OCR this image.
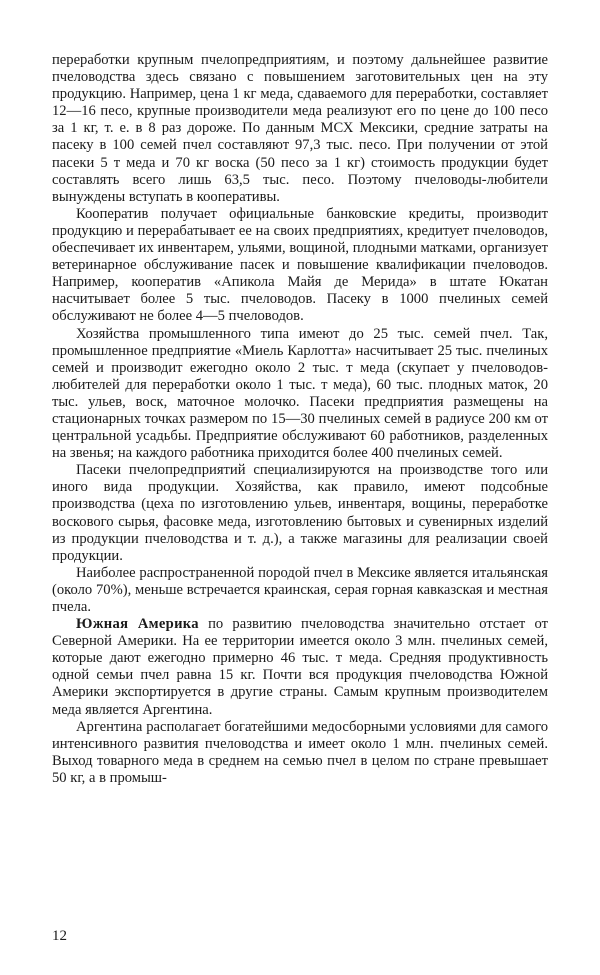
переработки крупным пчелопредприятиям, и поэтому дальнейшее развитие пчеловодства здесь связано с повышением заготовительных цен на эту продукцию. Например, цена 1 кг меда, сдаваемого для переработки, составляет 12—16 песо, крупные производители меда реализуют его по цене до 100 песо за 1 кг, т. е. в 8 раз дороже. По данным МСХ Мексики, средние затраты на пасеку в 100 семей пчел составляют 97,3 тыс. песо. При получении от этой пасеки 5 т меда и 70 кг воска (50 песо за 1 кг) стоимость продукции будет составлять всего лишь 63,5 тыс. песо. Поэтому пчеловоды-любители вынуждены вступать в кооперативы.

Кооператив получает официальные банковские кредиты, производит продукцию и перерабатывает ее на своих предприятиях, кредитует пчеловодов, обеспечивает их инвентарем, ульями, вощиной, плодными матками, организует ветеринарное обслуживание пасек и повышение квалификации пчеловодов. Например, кооператив «Апикола Майя де Мерида» в штате Юкатан насчитывает более 5 тыс. пчеловодов. Пасеку в 1000 пчелиных семей обслуживают не более 4—5 пчеловодов.

Хозяйства промышленного типа имеют до 25 тыс. семей пчел. Так, промышленное предприятие «Миель Карлотта» насчитывает 25 тыс. пчелиных семей и производит ежегодно около 2 тыс. т меда (скупает у пчеловодов-любителей для переработки около 1 тыс. т меда), 60 тыс. плодных маток, 20 тыс. ульев, воск, маточное молочко. Пасеки предприятия размещены на стационарных точках размером по 15—30 пчелиных семей в радиусе 200 км от центральной усадьбы. Предприятие обслуживают 60 работников, разделенных на звенья; на каждого работника приходится более 400 пчелиных семей.

Пасеки пчелопредприятий специализируются на производстве того или иного вида продукции. Хозяйства, как правило, имеют подсобные производства (цеха по изготовлению ульев, инвентаря, вощины, переработке воскового сырья, фасовке меда, изготовлению бытовых и сувенирных изделий из продукции пчеловодства и т. д.), а также магазины для реализации своей продукции.

Наиболее распространенной породой пчел в Мексике является итальянская (около 70%), меньше встречается краинская, серая горная кавказская и местная пчела.

Южная Америка по развитию пчеловодства значительно отстает от Северной Америки. На ее территории имеется около 3 млн. пчелиных семей, которые дают ежегодно примерно 46 тыс. т меда. Средняя продуктивность одной семьи пчел равна 15 кг. Почти вся продукция пчеловодства Южной Америки экспортируется в другие страны. Самым крупным производителем меда является Аргентина.

Аргентина располагает богатейшими медосборными условиями для самого интенсивного развития пчеловодства и имеет около 1 млн. пчелиных семей. Выход товарного меда в среднем на семью пчел в целом по стране превышает 50 кг, а в промыш-

12
